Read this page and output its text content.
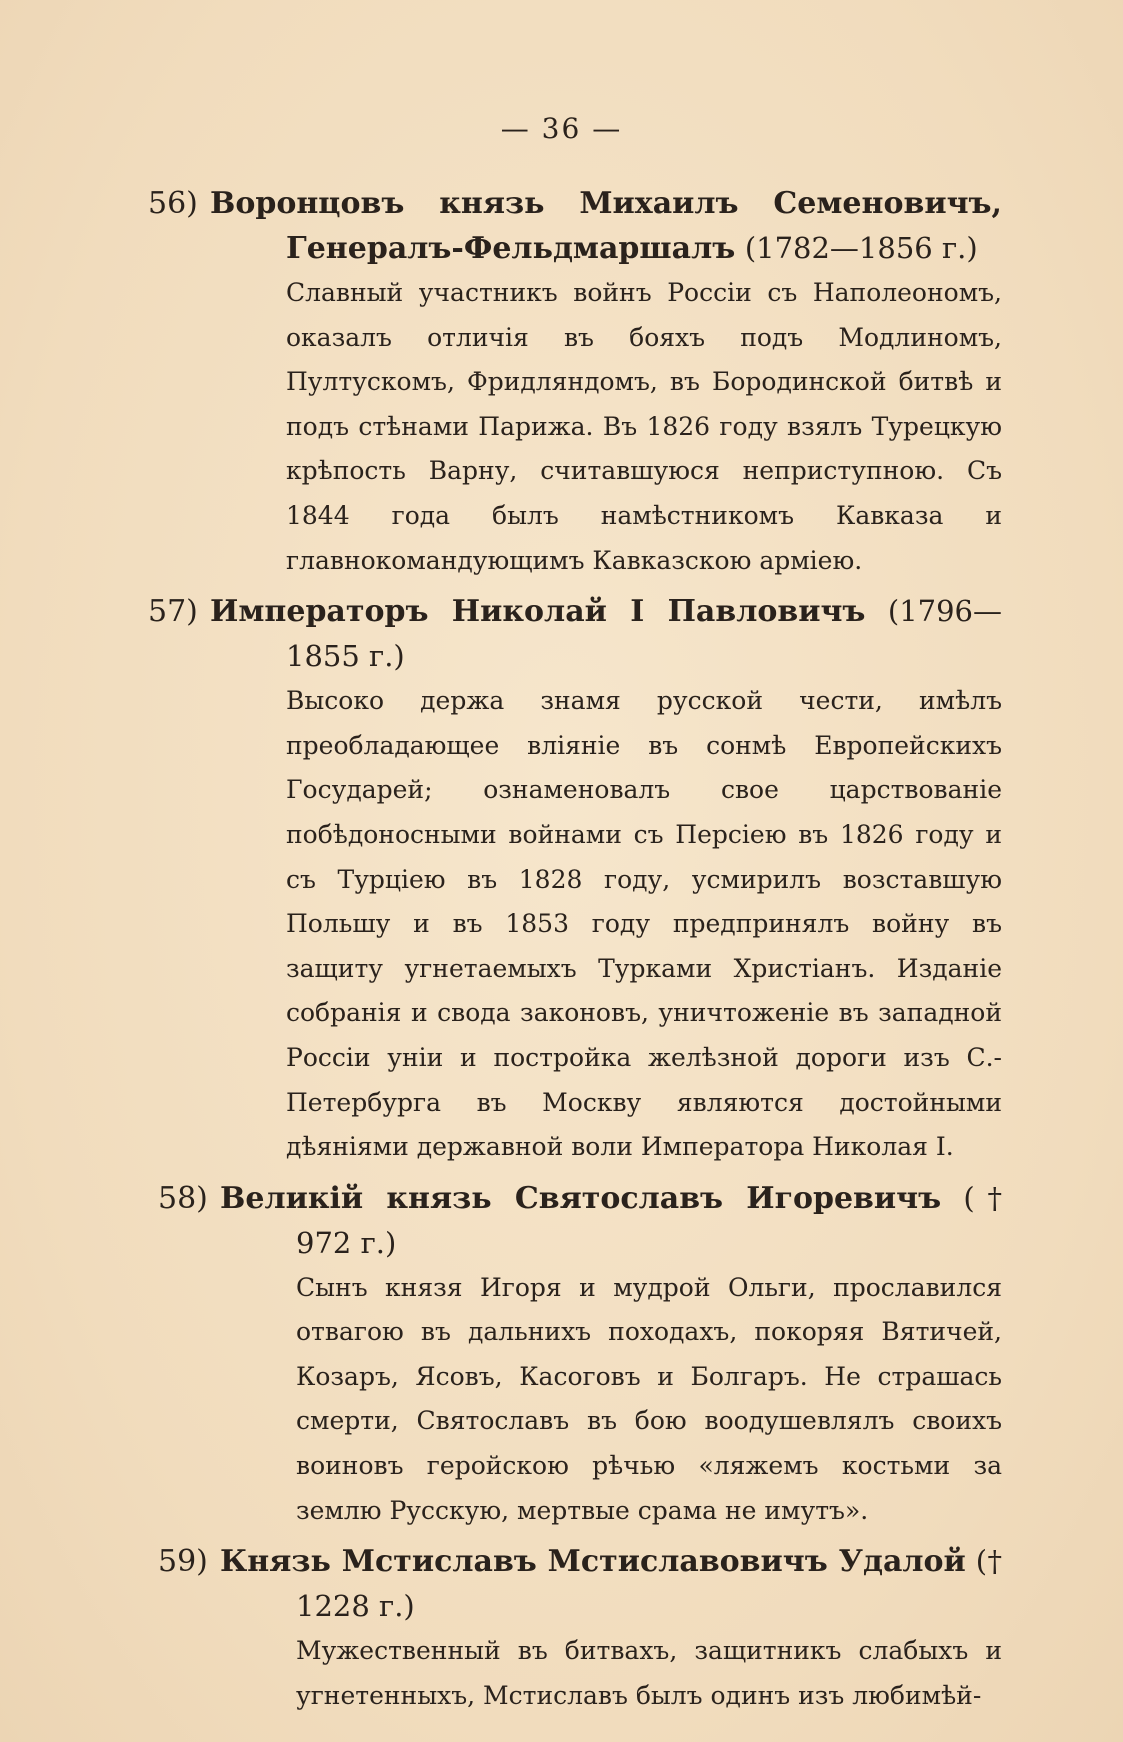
— 36 —
56) Воронцовъ князь Михаилъ Семеновичъ, Генералъ-Фельдмаршалъ (1782—1856 г.)
Славный участникъ войнъ Россіи съ Наполеономъ, оказалъ отличія въ бояхъ подъ Модлиномъ, Пултускомъ, Фридляндомъ, въ Бородинской битвѣ и подъ стѣнами Парижа. Въ 1826 году взялъ Турецкую крѣпость Варну, считавшуюся неприступною. Съ 1844 года былъ намѣстникомъ Кавказа и главнокомандующимъ Кавказскою арміею.
57) Императоръ Николай I Павловичъ (1796—1855 г.)
Высоко держа знамя русской чести, имѣлъ преобладающее вліяніе въ сонмѣ Европейскихъ Государей; ознаменовалъ свое царствованіе побѣдоносными войнами съ Персіею въ 1826 году и съ Турціею въ 1828 году, усмирилъ возставшую Польшу и въ 1853 году предпринялъ войну въ защиту угнетаемыхъ Турками Христіанъ. Изданіе собранія и свода законовъ, уничтоженіе въ западной Россіи уніи и постройка желѣзной дороги изъ С.-Петербурга въ Москву являются достойными дѣяніями державной воли Императора Николая I.
58) Великій князь Святославъ Игоревичъ († 972 г.)
Сынъ князя Игоря и мудрой Ольги, прославился отвагою въ дальнихъ походахъ, покоряя Вятичей, Козаръ, Ясовъ, Касоговъ и Болгаръ. Не страшась смерти, Святославъ въ бою воодушевлялъ своихъ воиновъ геройскою рѣчью «ляжемъ костьми за землю Русскую, мертвые срама не имутъ».
59) Князь Мстиславъ Мстиславовичъ Удалой († 1228 г.)
Мужественный въ битвахъ, защитникъ слабыхъ и угнетенныхъ, Мстиславъ былъ одинъ изъ любимѣй-
